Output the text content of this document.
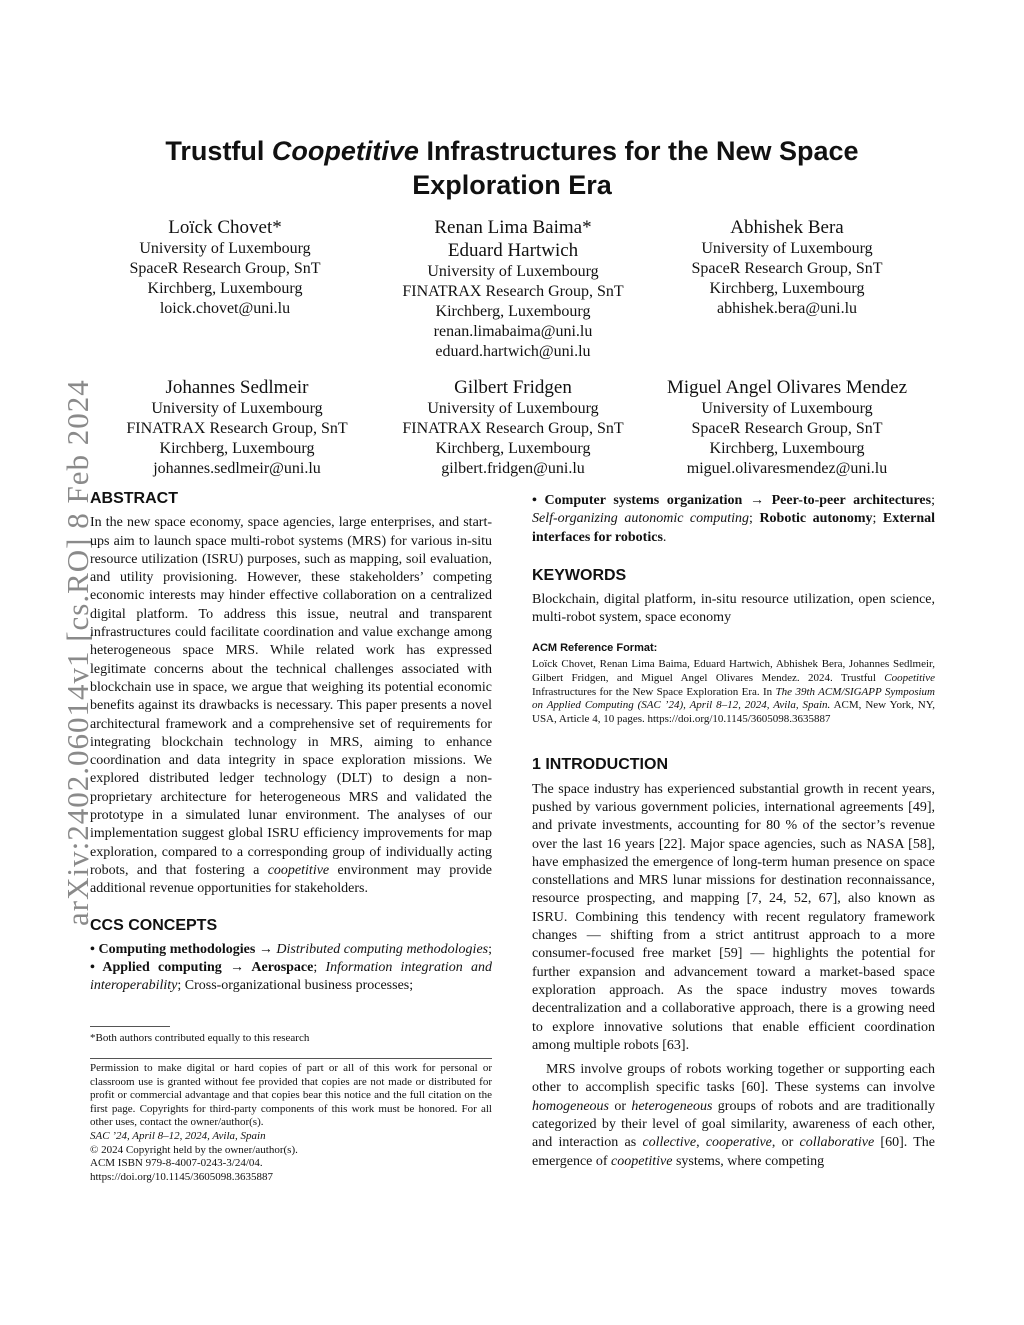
arXiv:2402.06014v1 [cs.RO] 8 Feb 2024
Trustful Coopetitive Infrastructures for the New Space Exploration Era
Loïck Chovet*
University of Luxembourg
SpaceR Research Group, SnT
Kirchberg, Luxembourg
loick.chovet@uni.lu
Renan Lima Baima*
Eduard Hartwich
University of Luxembourg
FINATRAX Research Group, SnT
Kirchberg, Luxembourg
renan.limabaima@uni.lu
eduard.hartwich@uni.lu
Abhishek Bera
University of Luxembourg
SpaceR Research Group, SnT
Kirchberg, Luxembourg
abhishek.bera@uni.lu
Johannes Sedlmeir
University of Luxembourg
FINATRAX Research Group, SnT
Kirchberg, Luxembourg
johannes.sedlmeir@uni.lu
Gilbert Fridgen
University of Luxembourg
FINATRAX Research Group, SnT
Kirchberg, Luxembourg
gilbert.fridgen@uni.lu
Miguel Angel Olivares Mendez
University of Luxembourg
SpaceR Research Group, SnT
Kirchberg, Luxembourg
miguel.olivaresmendez@uni.lu
ABSTRACT

In the new space economy, space agencies, large enterprises, and start-ups aim to launch space multi-robot systems (MRS) for various in-situ resource utilization (ISRU) purposes, such as mapping, soil evaluation, and utility provisioning. However, these stakeholders’ competing economic interests may hinder effective collaboration on a centralized digital platform. To address this issue, neutral and transparent infrastructures could facilitate coordination and value exchange among heterogeneous space MRS. While related work has expressed legitimate concerns about the technical challenges associated with blockchain use in space, we argue that weighing its potential economic benefits against its drawbacks is necessary. This paper presents a novel architectural framework and a comprehensive set of requirements for integrating blockchain technology in MRS, aiming to enhance coordination and data integrity in space exploration missions. We explored distributed ledger technology (DLT) to design a non-proprietary architecture for heterogeneous MRS and validated the prototype in a simulated lunar environment. The analyses of our implementation suggest global ISRU efficiency improvements for map exploration, compared to a corresponding group of individually acting robots, and that fostering a coopetitive environment may provide additional revenue opportunities for stakeholders.

CCS CONCEPTS

• Computing methodologies → Distributed computing methodologies; • Applied computing → Aerospace; Information integration and interoperability; Cross-organizational business processes;

*Both authors contributed equally to this research

Permission to make digital or hard copies of part or all of this work for personal or classroom use is granted without fee provided that copies are not made or distributed for profit or commercial advantage and that copies bear this notice and the full citation on the first page. Copyrights for third-party components of this work must be honored. For all other uses, contact the owner/author(s).

SAC ’24, April 8–12, 2024, Avila, Spain

© 2024 Copyright held by the owner/author(s).

ACM ISBN 979-8-4007-0243-3/24/04.

https://doi.org/10.1145/3605098.3635887

• Computer systems organization → Peer-to-peer architectures; Self-organizing autonomic computing; Robotic autonomy; External interfaces for robotics.

KEYWORDS

Blockchain, digital platform, in-situ resource utilization, open science, multi-robot system, space economy

ACM Reference Format:

Loïck Chovet, Renan Lima Baima, Eduard Hartwich, Abhishek Bera, Johannes Sedlmeir, Gilbert Fridgen, and Miguel Angel Olivares Mendez. 2024. Trustful Coopetitive Infrastructures for the New Space Exploration Era. In The 39th ACM/SIGAPP Symposium on Applied Computing (SAC ’24), April 8–12, 2024, Avila, Spain. ACM, New York, NY, USA, Article 4, 10 pages. https://doi.org/10.1145/3605098.3635887

1 INTRODUCTION

The space industry has experienced substantial growth in recent years, pushed by various government policies, international agreements [49], and private investments, accounting for 80 % of the sector’s revenue over the last 16 years [22]. Major space agencies, such as NASA [58], have emphasized the emergence of long-term human presence on space constellations and MRS lunar missions for destination reconnaissance, resource prospecting, and mapping [7, 24, 52, 67], also known as ISRU. Combining this tendency with recent regulatory framework changes — shifting from a strict antitrust approach to a more consumer-focused free market [59] — highlights the potential for further expansion and advancement toward a market-based space exploration approach. As the space industry moves towards decentralization and a collaborative approach, there is a growing need to explore innovative solutions that enable efficient coordination among multiple robots [63].

MRS involve groups of robots working together or supporting each other to accomplish specific tasks [60]. These systems can involve homogeneous or heterogeneous groups of robots and are traditionally categorized by their level of goal similarity, awareness of each other, and interaction as collective, cooperative, or collaborative [60]. The emergence of coopetitive systems, where competing
